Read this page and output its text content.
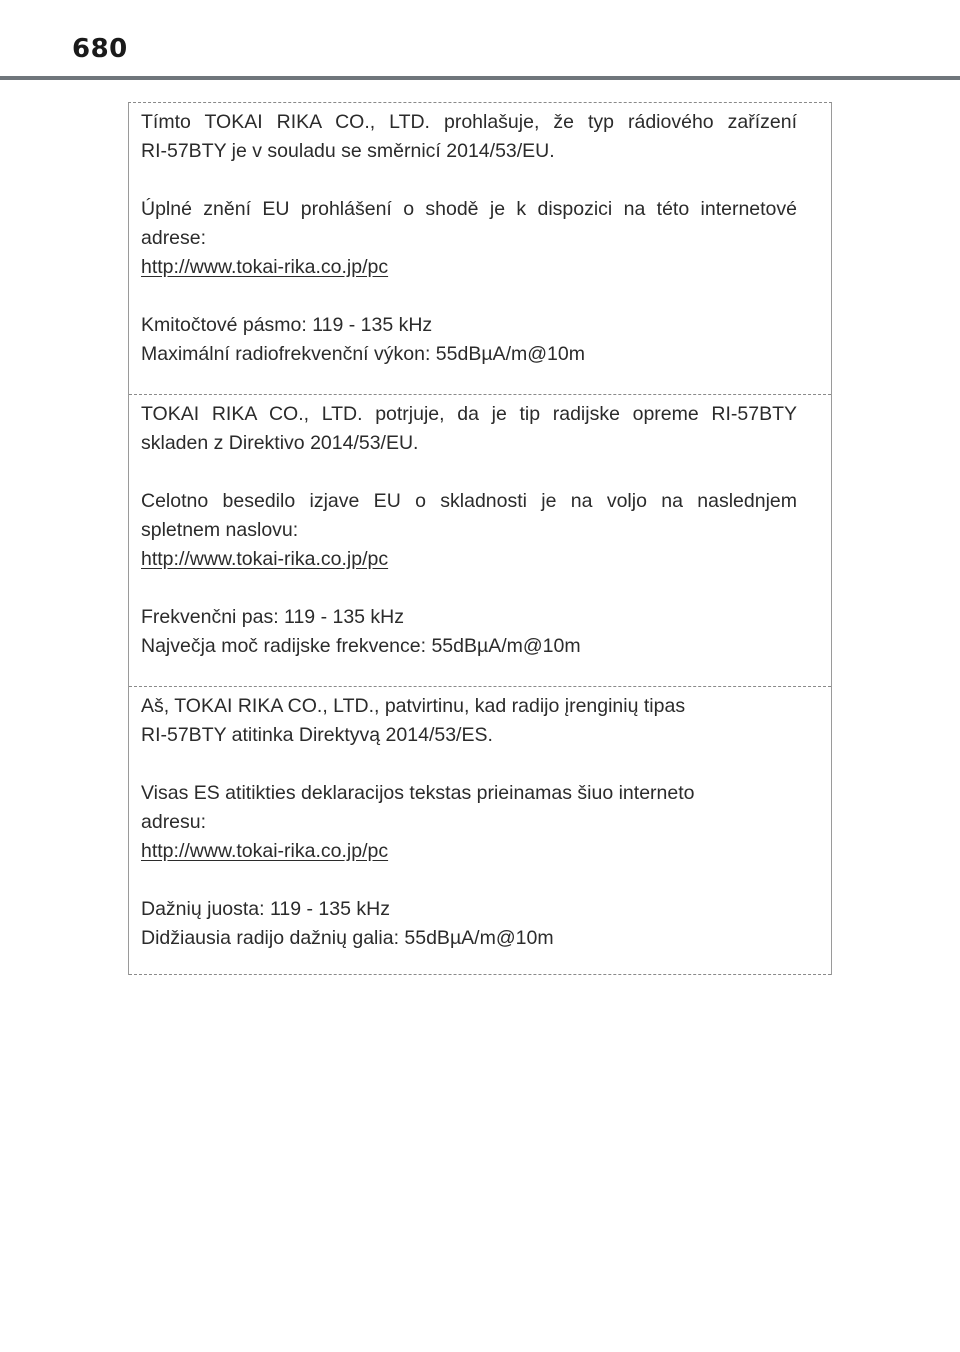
680
Tímto TOKAI RIKA CO., LTD. prohlašuje, že typ rádiového zařízení
RI-57BTY je v souladu se směrnicí 2014/53/EU.
Úplné znění EU prohlášení o shodě je k dispozici na této internetové
adrese:
http://www.tokai-rika.co.jp/pc
Kmitočtové pásmo: 119 - 135 kHz
Maximální radiofrekvenční výkon: 55dBµA/m@10m
TOKAI RIKA CO., LTD. potrjuje, da je tip radijske opreme RI-57BTY
skladen z Direktivo 2014/53/EU.
Celotno besedilo izjave EU o skladnosti je na voljo na naslednjem
spletnem naslovu:
http://www.tokai-rika.co.jp/pc
Frekvenčni pas: 119 - 135 kHz
Največja moč radijske frekvence: 55dBµA/m@10m
Aš, TOKAI RIKA CO., LTD., patvirtinu, kad radijo įrenginių tipas
RI-57BTY atitinka Direktyvą 2014/53/ES.
Visas ES atitikties deklaracijos tekstas prieinamas šiuo interneto
adresu:
http://www.tokai-rika.co.jp/pc
Dažnių juosta: 119 - 135 kHz
Didžiausia radijo dažnių galia: 55dBµA/m@10m
